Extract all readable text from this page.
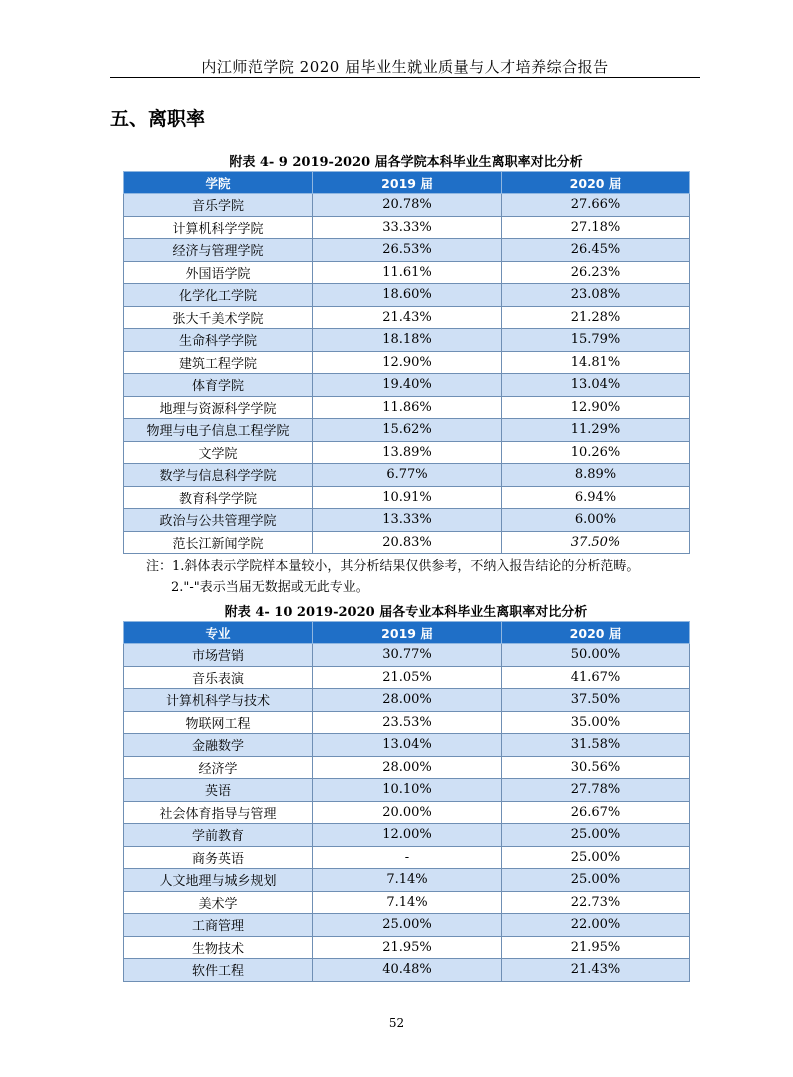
内江师范学院 2020 届毕业生就业质量与人才培养综合报告
五、离职率
附表 4- 9 2019-2020 届各学院本科毕业生离职率对比分析
学院	2019 届	2020 届
音乐学院	20.78%	27.66%
计算机科学学院	33.33%	27.18%
经济与管理学院	26.53%	26.45%
外国语学院	11.61%	26.23%
化学化工学院	18.60%	23.08%
张大千美术学院	21.43%	21.28%
生命科学学院	18.18%	15.79%
建筑工程学院	12.90%	14.81%
体育学院	19.40%	13.04%
地理与资源科学学院	11.86%	12.90%
物理与电子信息工程学院	15.62%	11.29%
文学院	13.89%	10.26%
数学与信息科学学院	6.77%	8.89%
教育科学学院	10.91%	6.94%
政治与公共管理学院	13.33%	6.00%
范长江新闻学院	20.83%	37.50%
注：1.斜体表示学院样本量较小，其分析结果仅供参考，不纳入报告结论的分析范畴。
2."-"表示当届无数据或无此专业。
附表 4- 10 2019-2020 届各专业本科毕业生离职率对比分析
专业	2019 届	2020 届
市场营销	30.77%	50.00%
音乐表演	21.05%	41.67%
计算机科学与技术	28.00%	37.50%
物联网工程	23.53%	35.00%
金融数学	13.04%	31.58%
经济学	28.00%	30.56%
英语	10.10%	27.78%
社会体育指导与管理	20.00%	26.67%
学前教育	12.00%	25.00%
商务英语	-	25.00%
人文地理与城乡规划	7.14%	25.00%
美术学	7.14%	22.73%
工商管理	25.00%	22.00%
生物技术	21.95%	21.95%
软件工程	40.48%	21.43%
52
